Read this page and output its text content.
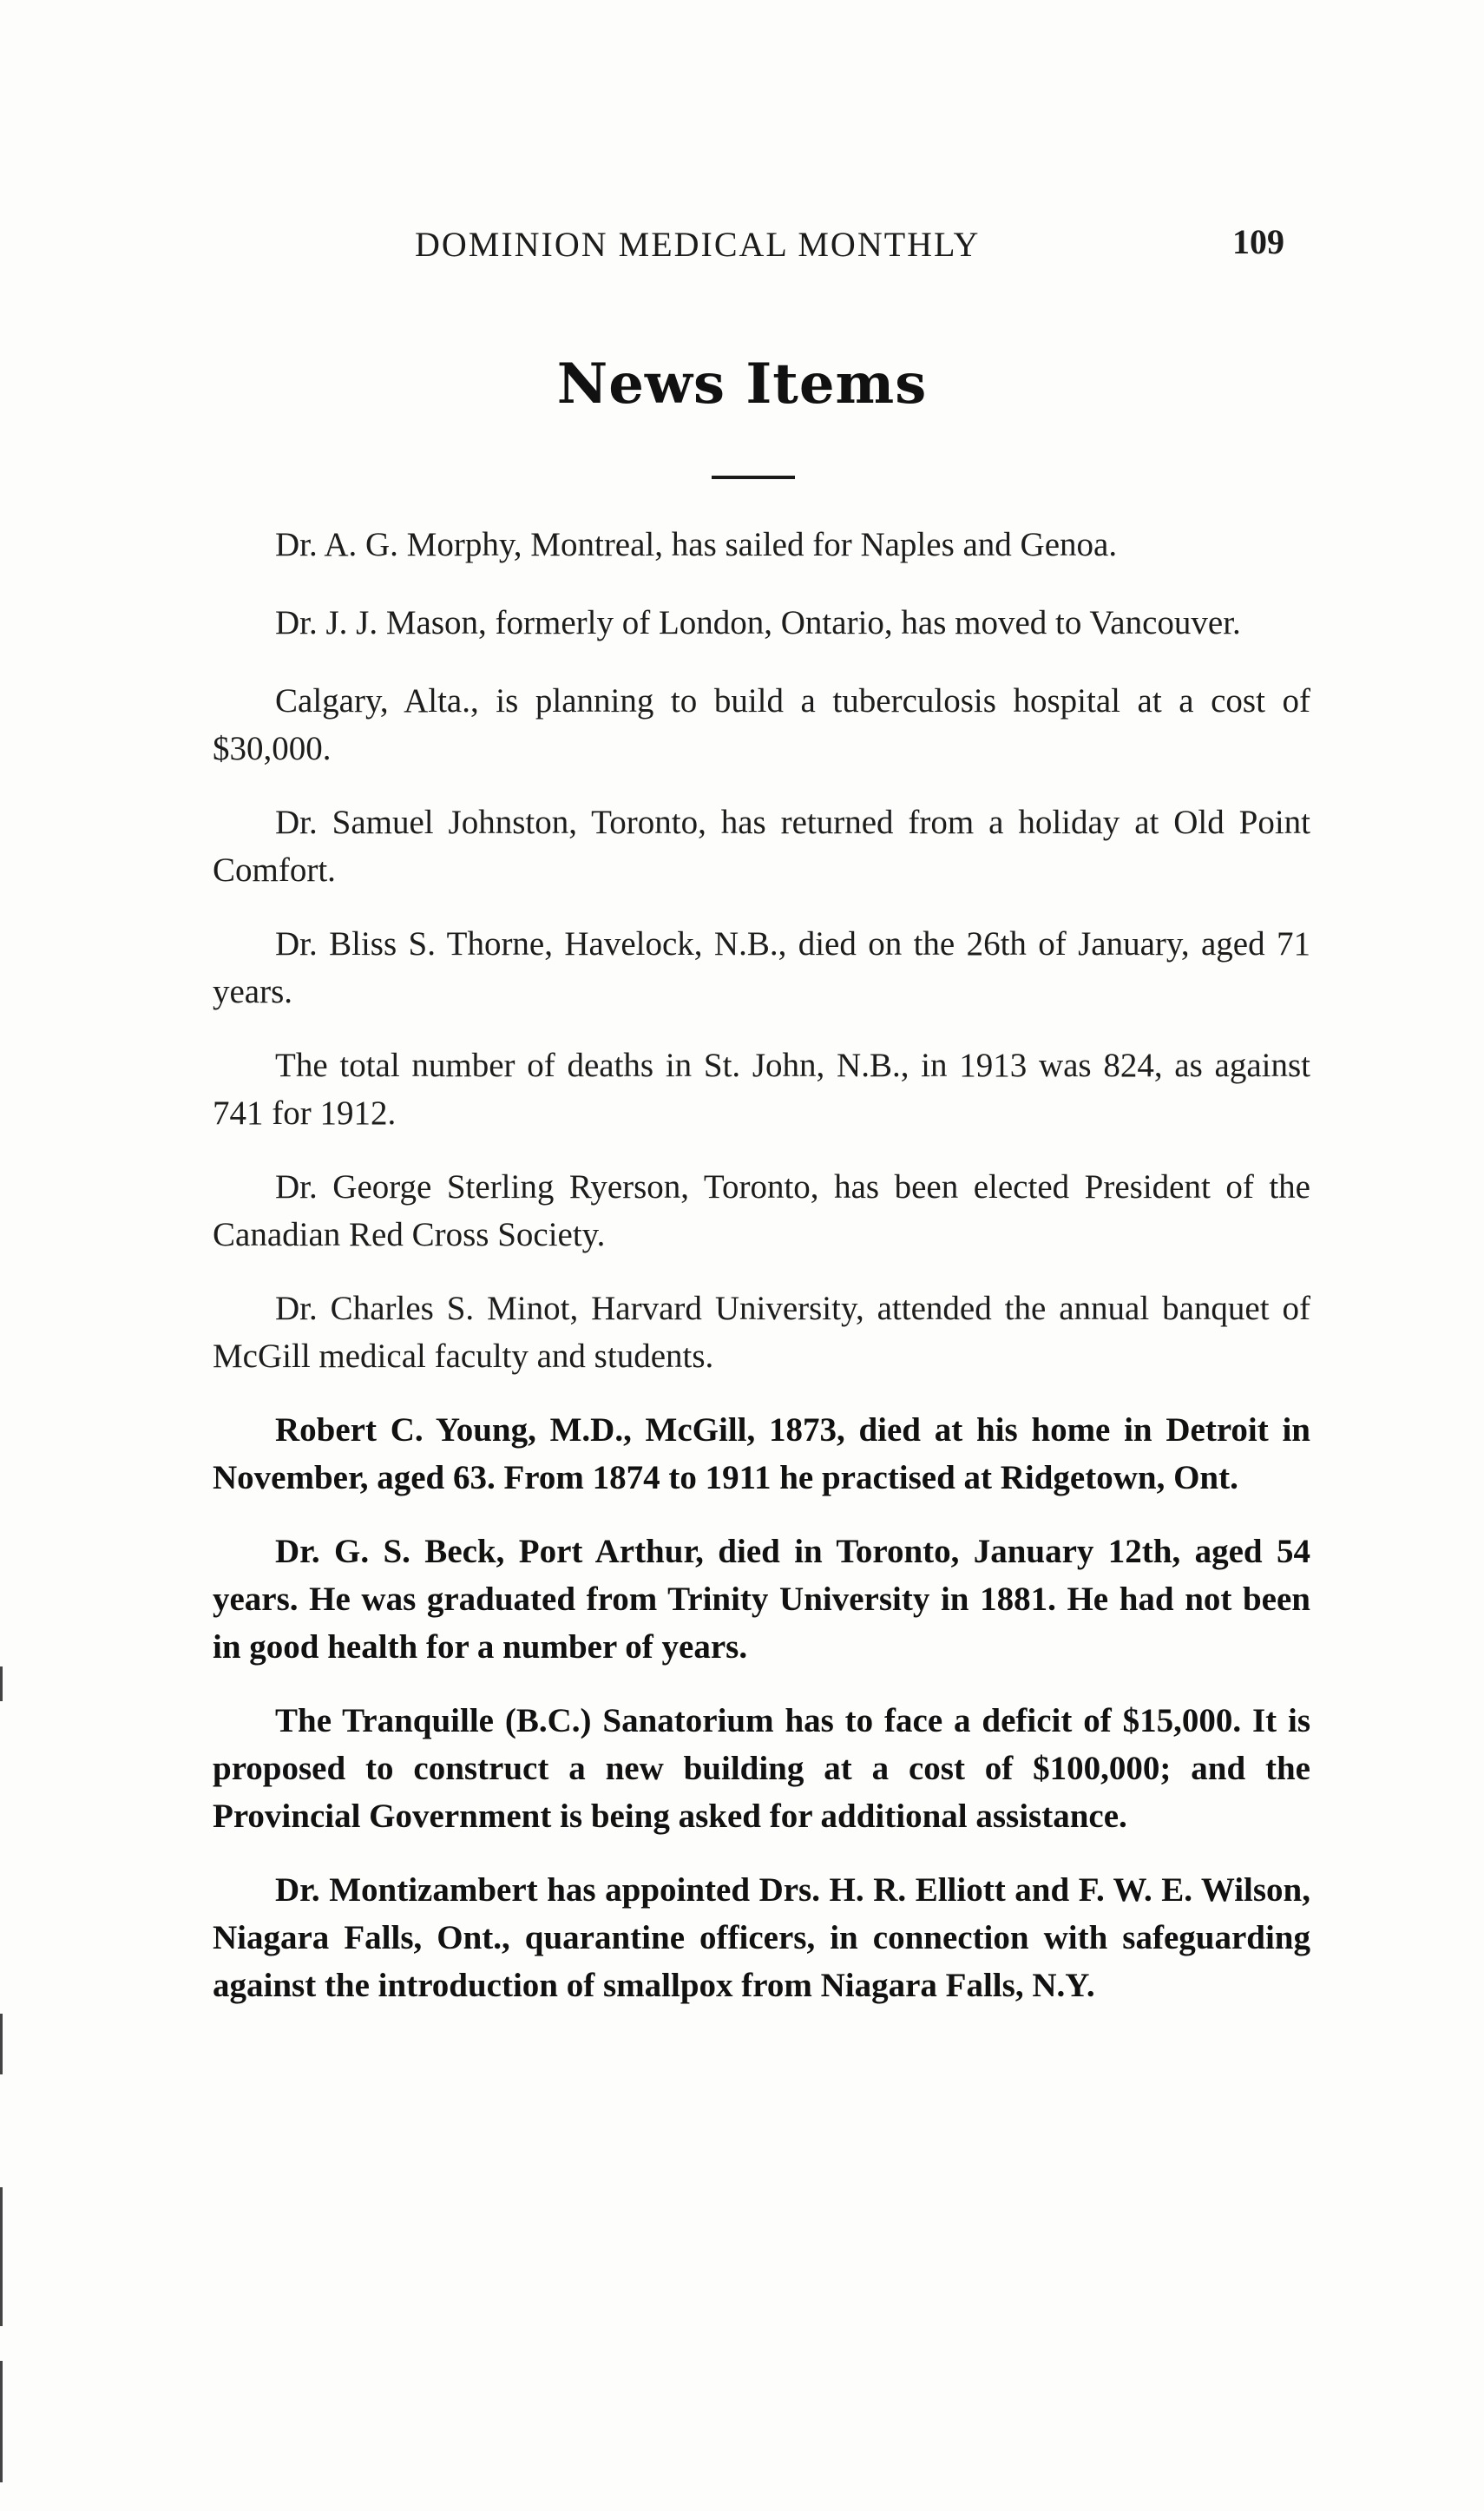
DOMINION MEDICAL MONTHLY	109
News Items

Dr. A. G. Morphy, Montreal, has sailed for Naples and Genoa.

Dr. J. J. Mason, formerly of London, Ontario, has moved to Vancouver.

Calgary, Alta., is planning to build a tuberculosis hospital at a cost of $30,000.

Dr. Samuel Johnston, Toronto, has returned from a holiday at Old Point Comfort.

Dr. Bliss S. Thorne, Havelock, N.B., died on the 26th of January, aged 71 years.

The total number of deaths in St. John, N.B., in 1913 was 824, as against 741 for 1912.

Dr. George Sterling Ryerson, Toronto, has been elected President of the Canadian Red Cross Society.

Dr. Charles S. Minot, Harvard University, attended the annual banquet of McGill medical faculty and students.

Robert C. Young, M.D., McGill, 1873, died at his home in Detroit in November, aged 63. From 1874 to 1911 he practised at Ridgetown, Ont.

Dr. G. S. Beck, Port Arthur, died in Toronto, January 12th, aged 54 years. He was graduated from Trinity University in 1881. He had not been in good health for a number of years.

The Tranquille (B.C.) Sanatorium has to face a deficit of $15,000. It is proposed to construct a new building at a cost of $100,000; and the Provincial Government is being asked for additional assistance.

Dr. Montizambert has appointed Drs. H. R. Elliott and F. W. E. Wilson, Niagara Falls, Ont., quarantine officers, in connection with safeguarding against the introduction of smallpox from Niagara Falls, N.Y.
